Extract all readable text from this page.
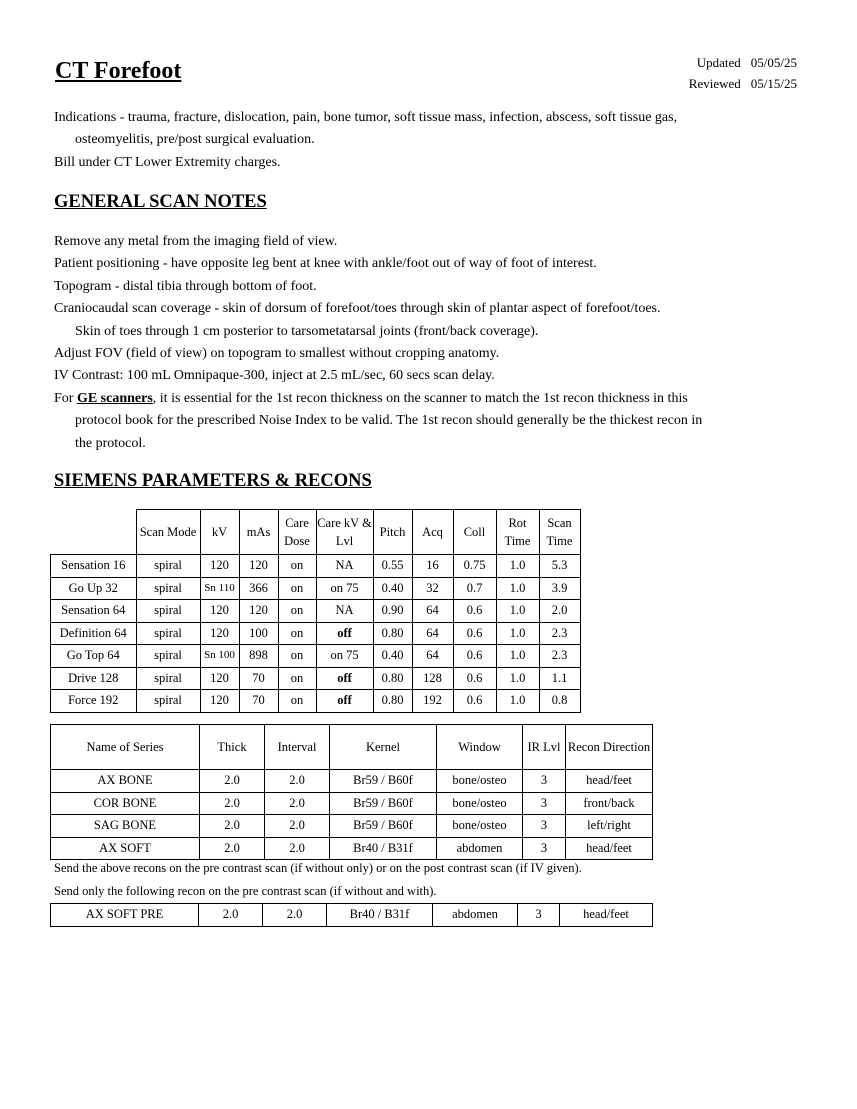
CT Forefoot	Updated 05/05/25
Reviewed 05/15/25

Indications - trauma, fracture, dislocation, pain, bone tumor, soft tissue mass, infection, abscess, soft tissue gas,

osteomyelitis, pre/post surgical evaluation.

Bill under CT Lower Extremity charges.

GENERAL SCAN NOTES

Remove any metal from the imaging field of view.

Patient positioning - have opposite leg bent at knee with ankle/foot out of way of foot of interest.

Topogram - distal tibia through bottom of foot.

Craniocaudal scan coverage - skin of dorsum of forefoot/toes through skin of plantar aspect of forefoot/toes.

Skin of toes through 1 cm posterior to tarsometatarsal joints (front/back coverage).

Adjust FOV (field of view) on topogram to smallest without cropping anatomy.

IV Contrast: 100 mL Omnipaque-300, inject at 2.5 mL/sec, 60 secs scan delay.

For GE scanners, it is essential for the 1st recon thickness on the scanner to match the 1st recon thickness in this

protocol book for the prescribed Noise Index to be valid. The 1st recon should generally be the thickest recon in

the protocol.

SIEMENS PARAMETERS & RECONS
	Scan Mode	kV	mAs	Care Dose	Care kV & Lvl	Pitch	Acq	Coll	Rot Time	Scan Time
Sensation 16	spiral	120	120	on	NA	0.55	16	0.75	1.0	5.3
Go Up 32	spiral	Sn 110	366	on	on 75	0.40	32	0.7	1.0	3.9
Sensation 64	spiral	120	120	on	NA	0.90	64	0.6	1.0	2.0
Definition 64	spiral	120	100	on	off	0.80	64	0.6	1.0	2.3
Go Top 64	spiral	Sn 100	898	on	on 75	0.40	64	0.6	1.0	2.3
Drive 128	spiral	120	70	on	off	0.80	128	0.6	1.0	1.1
Force 192	spiral	120	70	on	off	0.80	192	0.6	1.0	0.8
Name of Series	Thick	Interval	Kernel	Window	IR Lvl	Recon Direction
AX BONE	2.0	2.0	Br59 / B60f	bone/osteo	3	head/feet
COR BONE	2.0	2.0	Br59 / B60f	bone/osteo	3	front/back
SAG BONE	2.0	2.0	Br59 / B60f	bone/osteo	3	left/right
AX SOFT	2.0	2.0	Br40 / B31f	abdomen	3	head/feet
Send the above recons on the pre contrast scan (if without only) or on the post contrast scan (if IV given).
Send only the following recon on the pre contrast scan (if without and with).
AX SOFT PRE	2.0	2.0	Br40 / B31f	abdomen	3	head/feet
